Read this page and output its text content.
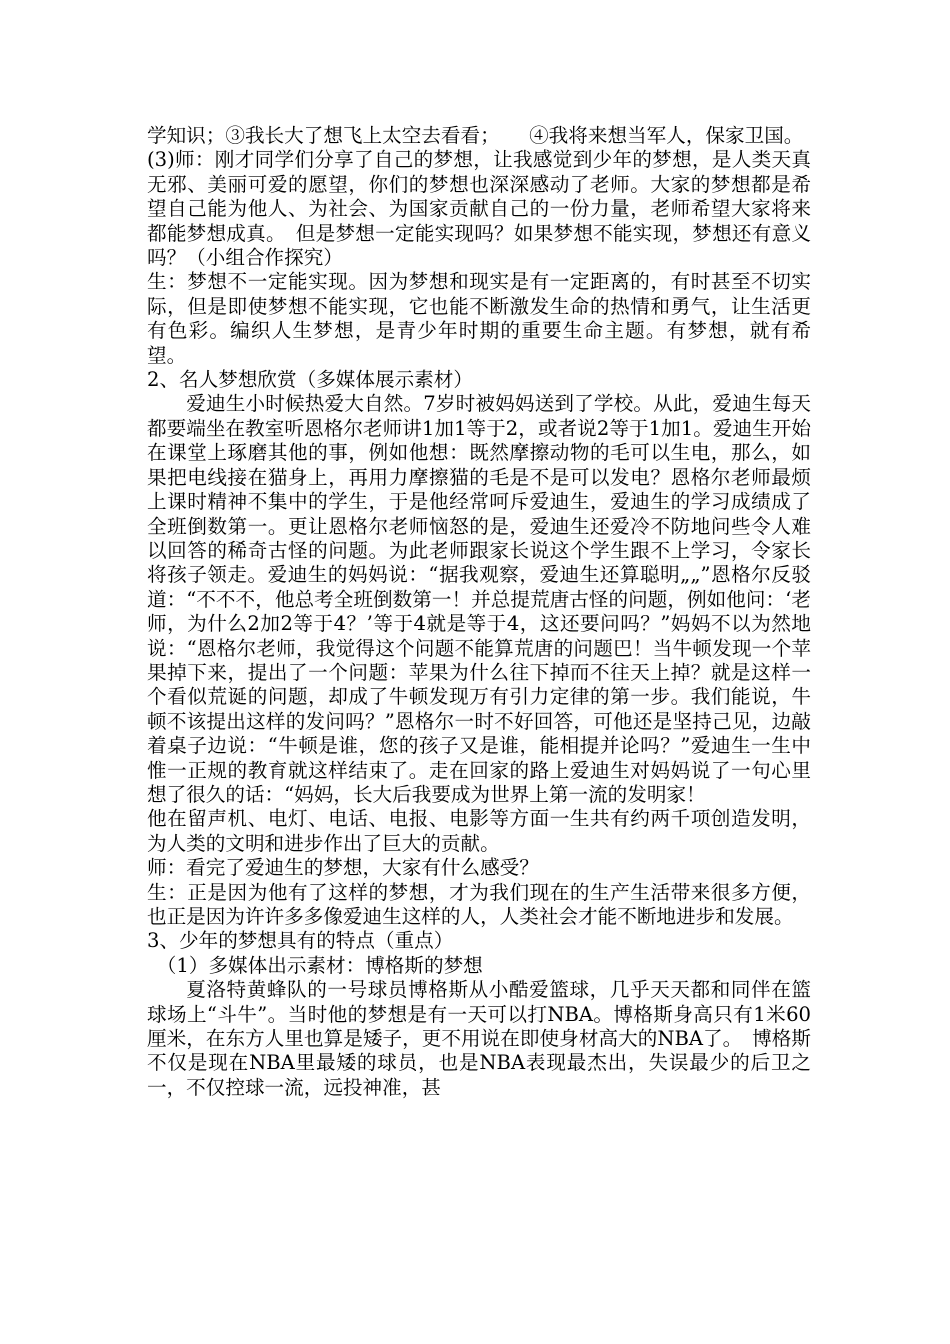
学知识；③我长大了想飞上太空去看看；　　④我将来想当军人，保家卫国。

(3)师：刚才同学们分享了自己的梦想，让我感觉到少年的梦想，是人类天真无邪、美丽可爱的愿望，你们的梦想也深深感动了老师。大家的梦想都是希望自己能为他人、为社会、为国家贡献自己的一份力量，老师希望大家将来都能梦想成真。　但是梦想一定能实现吗？如果梦想不能实现，梦想还有意义吗？（小组合作探究）

生：梦想不一定能实现。因为梦想和现实是有一定距离的，有时甚至不切实际，但是即使梦想不能实现，它也能不断激发生命的热情和勇气，让生活更有色彩。编织人生梦想，是青少年时期的重要生命主题。有梦想，就有希望。

2、名人梦想欣赏（多媒体展示素材）

爱迪生小时候热爱大自然。7岁时被妈妈送到了学校。从此，爱迪生每天都要端坐在教室听恩格尔老师讲1加1等于2，或者说2等于1加1。爱迪生开始在课堂上琢磨其他的事，例如他想：既然摩擦动物的毛可以生电，那么，如果把电线接在猫身上，再用力摩擦猫的毛是不是可以发电？恩格尔老师最烦上课时精神不集中的学生，于是他经常呵斥爱迪生，爱迪生的学习成绩成了全班倒数第一。更让恩格尔老师恼怒的是，爱迪生还爱冷不防地问些令人难以回答的稀奇古怪的问题。为此老师跟家长说这个学生跟不上学习，令家长将孩子领走。爱迪生的妈妈说：“据我观察，爱迪生还算聪明„„”恩格尔反驳道：“不不不，他总考全班倒数第一！并总提荒唐古怪的问题，例如他问：‘老师，为什么2加2等于4？’等于4就是等于4，这还要问吗？”妈妈不以为然地说：“恩格尔老师，我觉得这个问题不能算荒唐的问题巴！当牛顿发现一个苹果掉下来，提出了一个问题：苹果为什么往下掉而不往天上掉？就是这样一个看似荒诞的问题，却成了牛顿发现万有引力定律的第一步。我们能说，牛顿不该提出这样的发问吗？”恩格尔一时不好回答，可他还是坚持己见，边敲着桌子边说：“牛顿是谁，您的孩子又是谁，能相提并论吗？”爱迪生一生中惟一正规的教育就这样结束了。走在回家的路上爱迪生对妈妈说了一句心里想了很久的话：“妈妈，长大后我要成为世界上第一流的发明家！

他在留声机、电灯、电话、电报、电影等方面一生共有约两千项创造发明，为人类的文明和进步作出了巨大的贡献。

师：看完了爱迪生的梦想，大家有什么感受？

生：正是因为他有了这样的梦想，才为我们现在的生产生活带来很多方便，也正是因为许许多多像爱迪生这样的人，人类社会才能不断地进步和发展。

3、少年的梦想具有的特点（重点）

（1）多媒体出示素材：博格斯的梦想

夏洛特黄蜂队的一号球员博格斯从小酷爱篮球，几乎天天都和同伴在篮球场上“斗牛”。当时他的梦想是有一天可以打NBA。博格斯身高只有1米60厘米，在东方人里也算是矮子，更不用说在即使身材高大的NBA了。　博格斯不仅是现在NBA里最矮的球员，也是NBA表现最杰出，失误最少的后卫之一，不仅控球一流，远投神准，甚
